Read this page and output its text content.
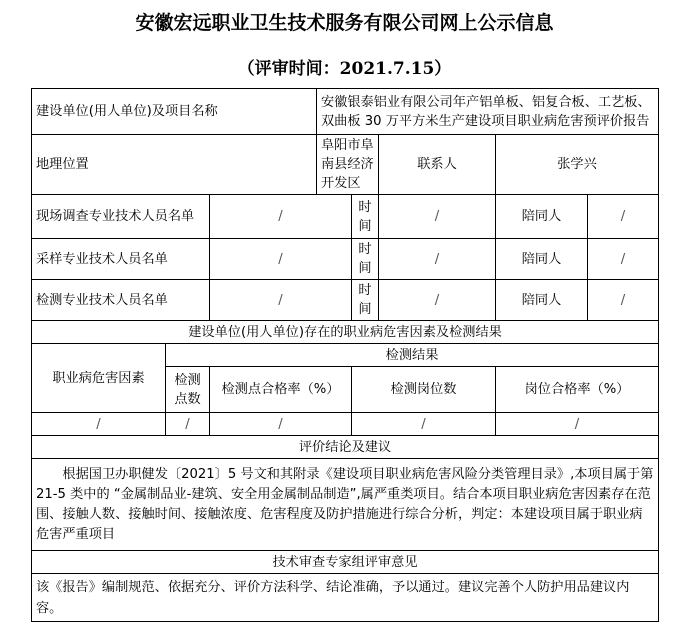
安徽宏远职业卫生技术服务有限公司网上公示信息
（评审时间：2021.7.15）
建设单位(用人单位)及项目名称			安徽银泰铝业有限公司年产铝单板、铝复合板、工艺板、双曲板 30 万平方米生产建设项目职业病危害预评价报告				
地理位置			阜阳市阜南县经济开发区		联系人	张学兴	
现场调查专业技术人员名单		/		时间	/	陪同人	/
采样专业技术人员名单		/		时间	/	陪同人	/
检测专业技术人员名单		/		时间	/	陪同人	/
建设单位(用人单位)存在的职业病危害因素及检测结果							
职业病危害因素	检测结果						
	检测点数	检测点合格率（%）		检测岗位数		岗位合格率（%）	
/	/	/		/		/	
评价结论及建议							
根据国卫办职健发〔2021〕5 号文和其附录《建设项目职业病危害风险分类管理目录》,本项目属于第 21-5 类中的 “金属制品业-建筑、安全用金属制品制造”,属严重类项目。结合本项目职业病危害因素存在范围、接触人数、接触时间、接触浓度、危害程度及防护措施进行综合分析，判定：本建设项目属于职业病危害严重项目							
技术审查专家组评审意见							
该《报告》编制规范、依据充分、评价方法科学、结论准确，予以通过。建议完善个人防护用品建议内容。							
